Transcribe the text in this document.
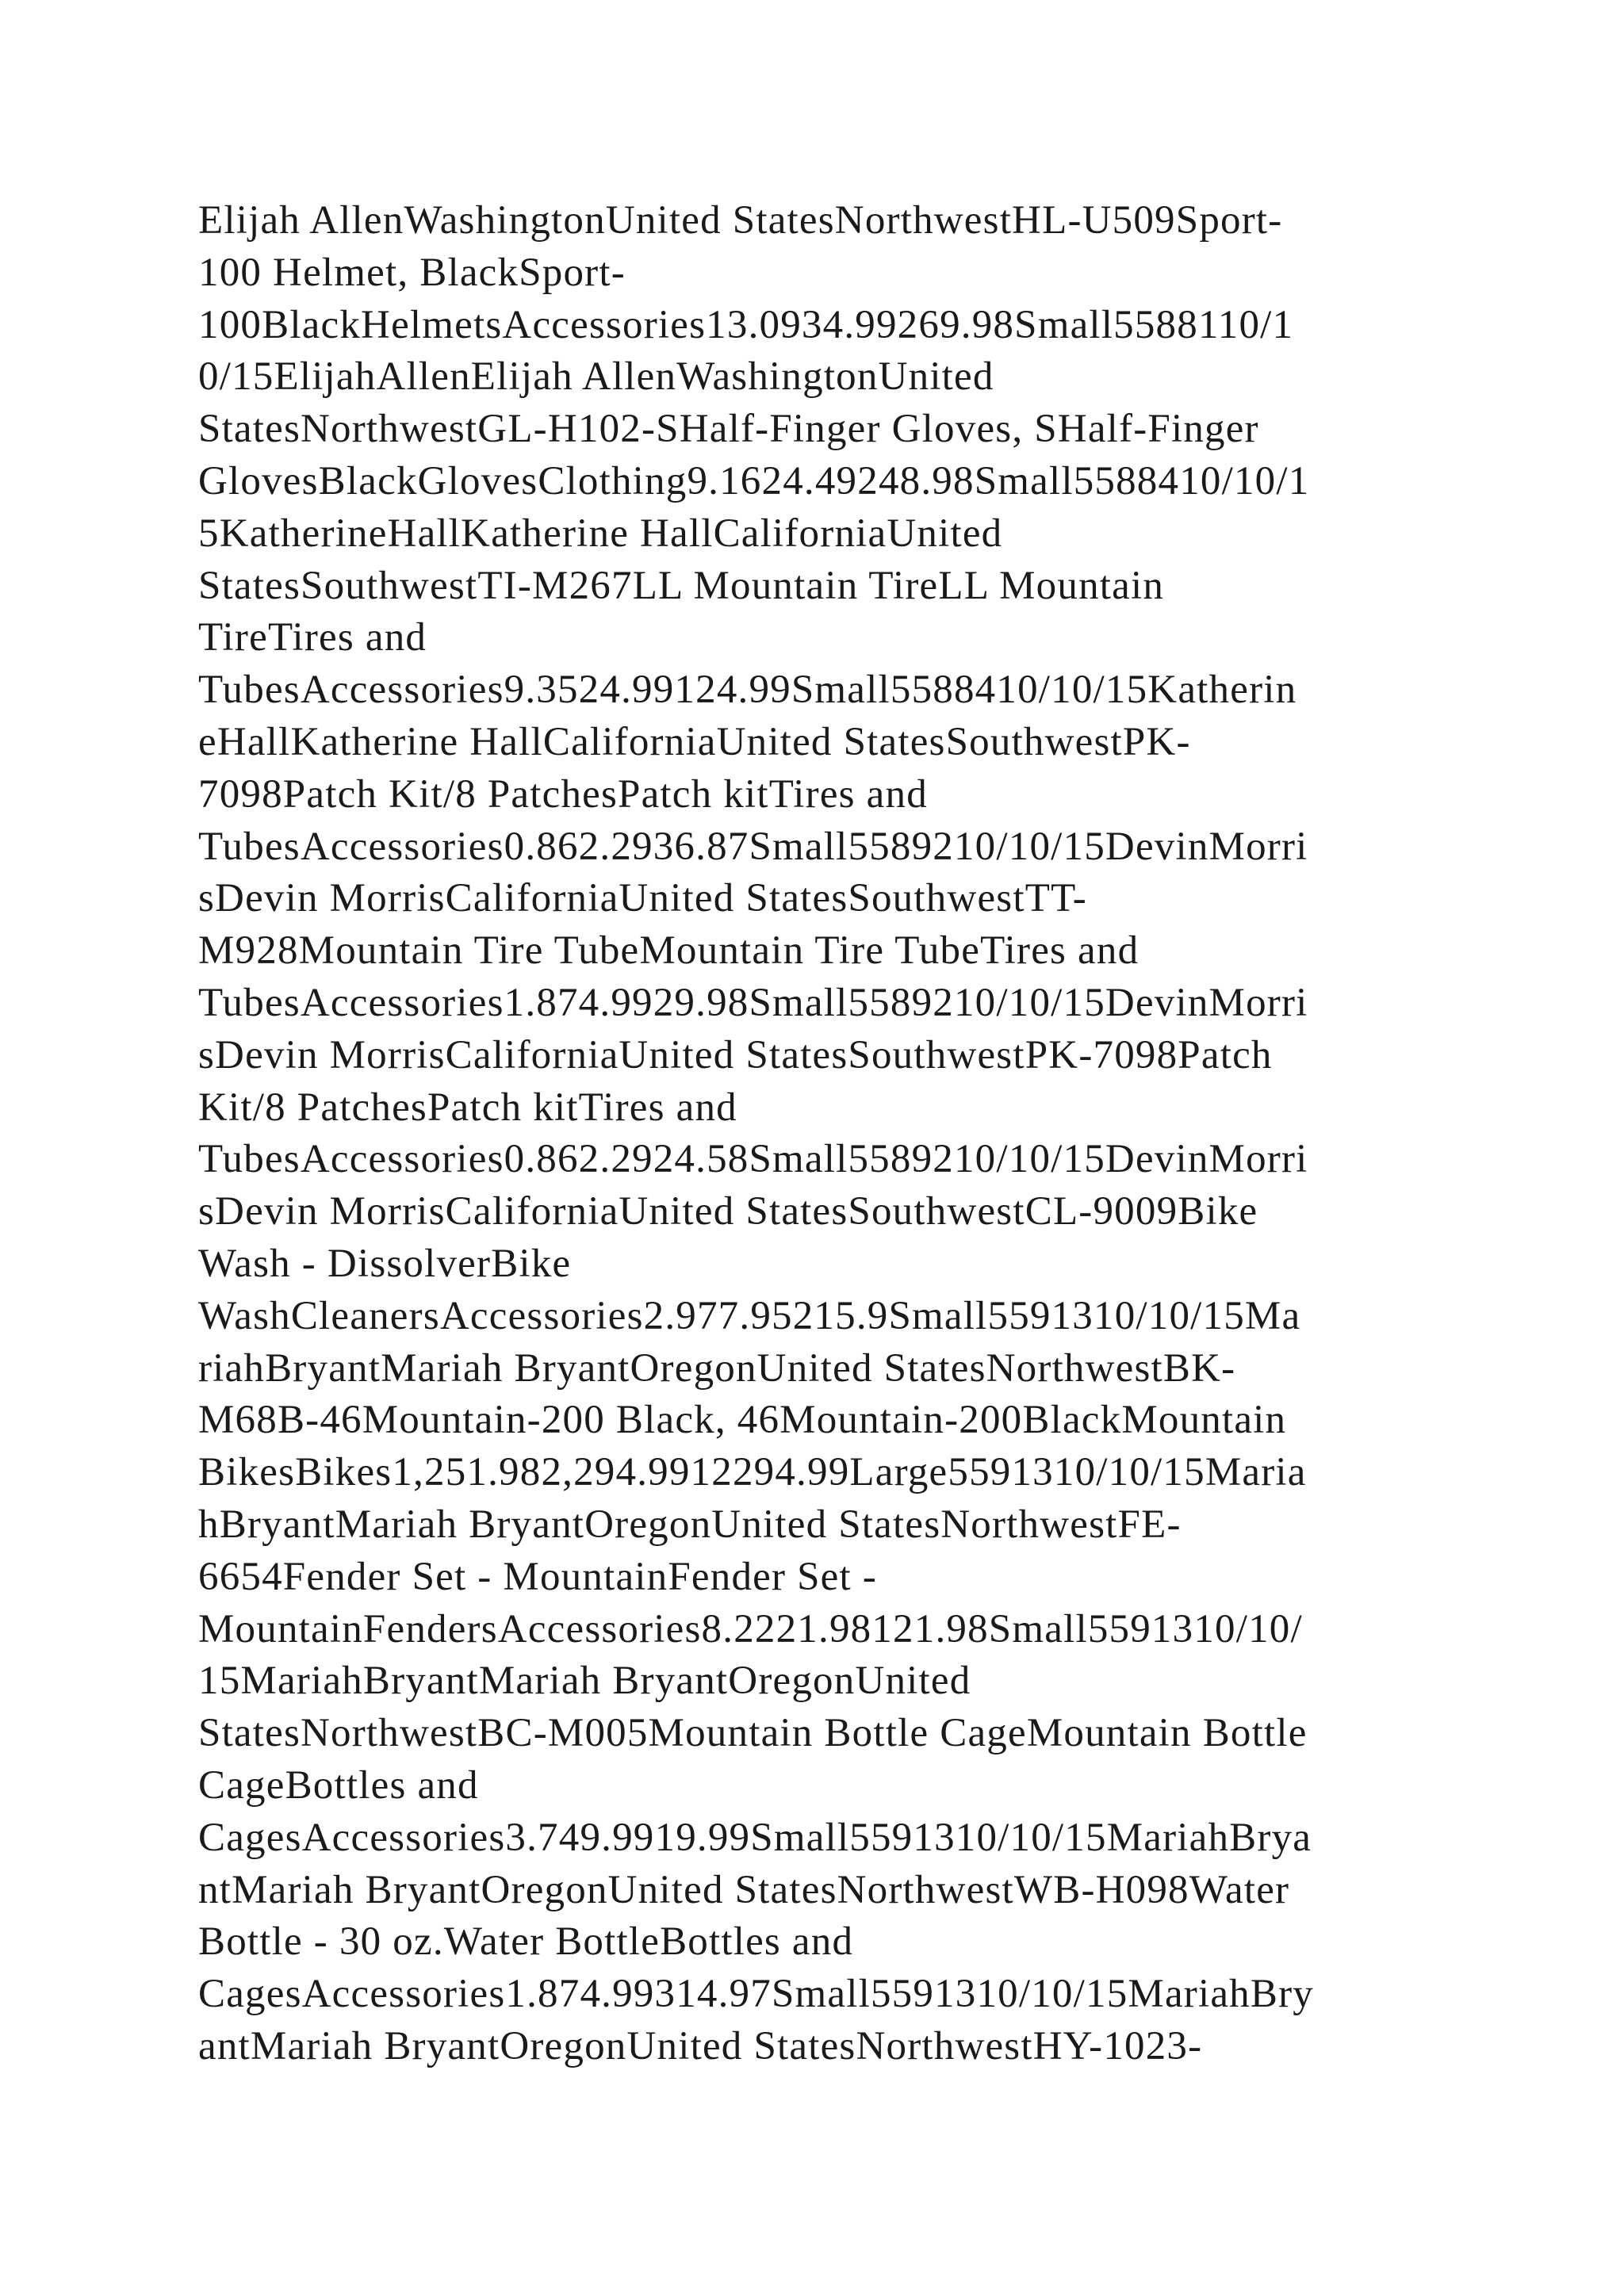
Elijah AllenWashingtonUnited StatesNorthwestHL-U509Sport-
100 Helmet, BlackSport-
100BlackHelmetsAccessories13.0934.99269.98Small5588110/1
0/15ElijahAllenElijah AllenWashingtonUnited
StatesNorthwestGL-H102-SHalf-Finger Gloves, SHalf-Finger
GlovesBlackGlovesClothing9.1624.49248.98Small5588410/10/1
5KatherineHallKatherine HallCaliforniaUnited
StatesSouthwestTI-M267LL Mountain TireLL Mountain
TireTires and
TubesAccessories9.3524.99124.99Small5588410/10/15Katherin
eHallKatherine HallCaliforniaUnited StatesSouthwestPK-
7098Patch Kit/8 PatchesPatch kitTires and
TubesAccessories0.862.2936.87Small5589210/10/15DevinMorri
sDevin MorrisCaliforniaUnited StatesSouthwestTT-
M928Mountain Tire TubeMountain Tire TubeTires and
TubesAccessories1.874.9929.98Small5589210/10/15DevinMorri
sDevin MorrisCaliforniaUnited StatesSouthwestPK-7098Patch
Kit/8 PatchesPatch kitTires and
TubesAccessories0.862.2924.58Small5589210/10/15DevinMorri
sDevin MorrisCaliforniaUnited StatesSouthwestCL-9009Bike
Wash - DissolverBike
WashCleanersAccessories2.977.95215.9Small5591310/10/15Ma
riahBryantMariah BryantOregonUnited StatesNorthwestBK-
M68B-46Mountain-200 Black, 46Mountain-200BlackMountain
BikesBikes1,251.982,294.9912294.99Large5591310/10/15Maria
hBryantMariah BryantOregonUnited StatesNorthwestFE-
6654Fender Set - MountainFender Set -
MountainFendersAccessories8.2221.98121.98Small5591310/10/
15MariahBryantMariah BryantOregonUnited
StatesNorthwestBC-M005Mountain Bottle CageMountain Bottle
CageBottles and
CagesAccessories3.749.9919.99Small5591310/10/15MariahBrya
ntMariah BryantOregonUnited StatesNorthwestWB-H098Water
Bottle - 30 oz.Water BottleBottles and
CagesAccessories1.874.99314.97Small5591310/10/15MariahBry
antMariah BryantOregonUnited StatesNorthwestHY-1023-
